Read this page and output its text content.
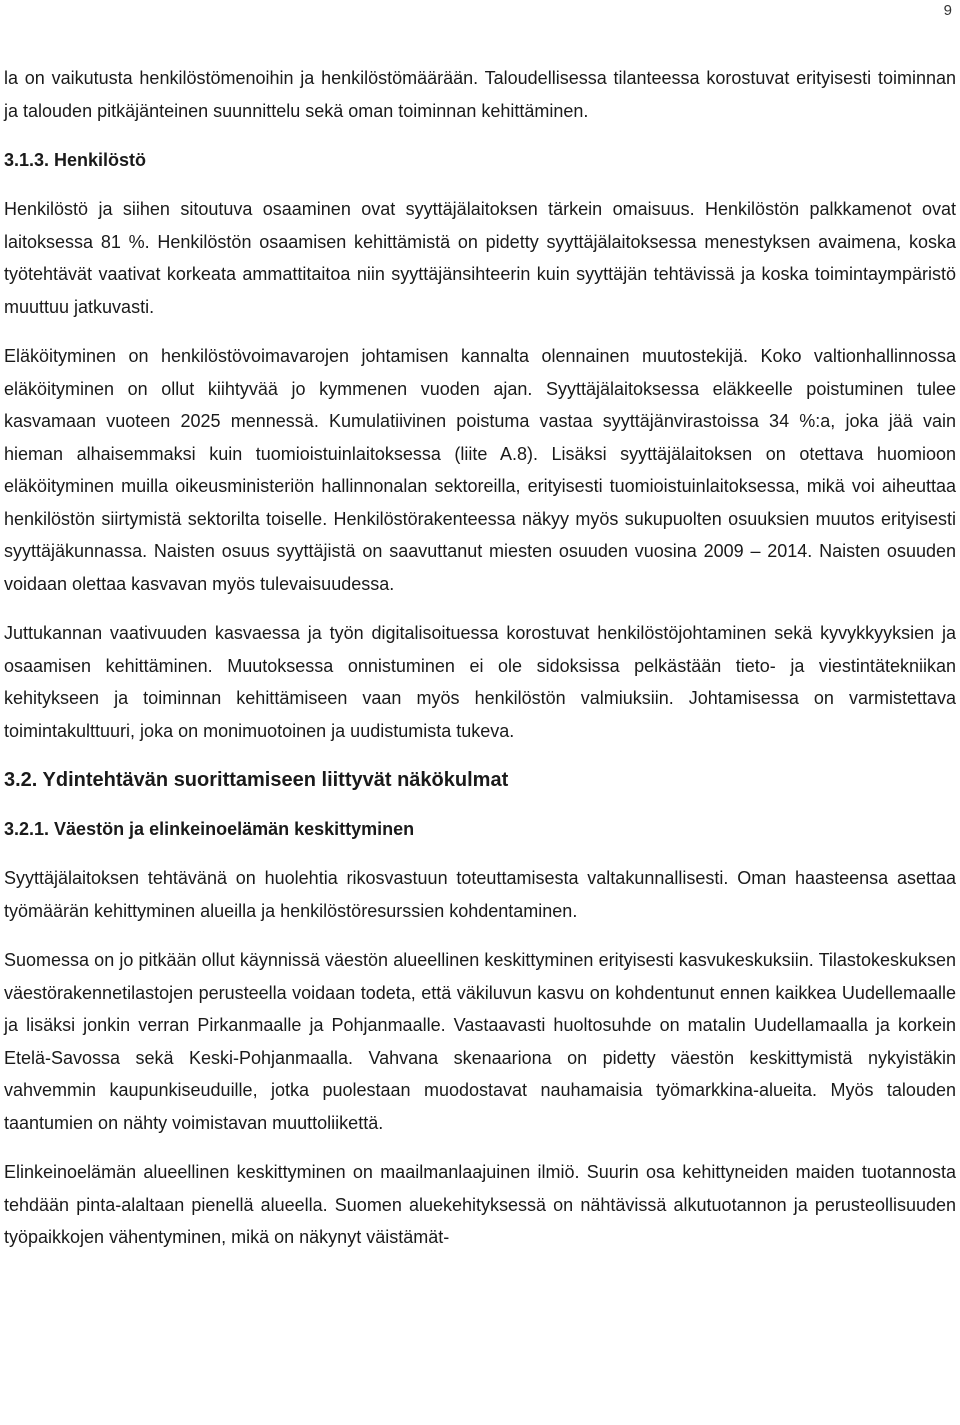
9

la on vaikutusta henkilöstömenoihin ja henkilöstömäärään. Taloudellisessa tilanteessa korostuvat erityisesti toiminnan ja talouden pitkäjänteinen suunnittelu sekä oman toiminnan kehittäminen.

3.1.3. Henkilöstö

Henkilöstö ja siihen sitoutuva osaaminen ovat syyttäjälaitoksen tärkein omaisuus. Henkilöstön palkkamenot ovat laitoksessa 81 %. Henkilöstön osaamisen kehittämistä on pidetty syyttäjälaitoksessa menestyksen avaimena, koska työtehtävät vaativat korkeata ammattitaitoa niin syyttäjänsihteerin kuin syyttäjän tehtävissä ja koska toimintaympäristö muuttuu jatkuvasti.

Eläköityminen on henkilöstövoimavarojen johtamisen kannalta olennainen muutostekijä. Koko valtionhallinnossa eläköityminen on ollut kiihtyvää jo kymmenen vuoden ajan. Syyttäjälaitoksessa eläkkeelle poistuminen tulee kasvamaan vuoteen 2025 mennessä. Kumulatiivinen poistuma vastaa syyttäjänvirastoissa 34 %:a, joka jää vain hieman alhaisemmaksi kuin tuomioistuinlaitoksessa (liite A.8). Lisäksi syyttäjälaitoksen on otettava huomioon eläköityminen muilla oikeusministeriön hallinnonalan sektoreilla, erityisesti tuomioistuinlaitoksessa, mikä voi aiheuttaa henkilöstön siirtymistä sektorilta toiselle. Henkilöstörakenteessa näkyy myös sukupuolten osuuksien muutos erityisesti syyttäjäkunnassa. Naisten osuus syyttäjistä on saavuttanut miesten osuuden vuosina 2009 – 2014. Naisten osuuden voidaan olettaa kasvavan myös tulevaisuudessa.

Juttukannan vaativuuden kasvaessa ja työn digitalisoituessa korostuvat henkilöstöjohtaminen sekä kyvykkyyksien ja osaamisen kehittäminen. Muutoksessa onnistuminen ei ole sidoksissa pelkästään tieto- ja viestintätekniikan kehitykseen ja toiminnan kehittämiseen vaan myös henkilöstön valmiuksiin. Johtamisessa on varmistettava toimintakulttuuri, joka on monimuotoinen ja uudistumista tukeva.

3.2. Ydintehtävän suorittamiseen liittyvät näkökulmat
3.2.1. Väestön ja elinkeinoelämän keskittyminen

Syyttäjälaitoksen tehtävänä on huolehtia rikosvastuun toteuttamisesta valtakunnallisesti. Oman haasteensa asettaa työmäärän kehittyminen alueilla ja henkilöstöresurssien kohdentaminen.

Suomessa on jo pitkään ollut käynnissä väestön alueellinen keskittyminen erityisesti kasvukeskuksiin. Tilastokeskuksen väestörakennetilastojen perusteella voidaan todeta, että väkiluvun kasvu on kohdentunut ennen kaikkea Uudellemaalle ja lisäksi jonkin verran Pirkanmaalle ja Pohjanmaalle. Vastaavasti huoltosuhde on matalin Uudellamaalla ja korkein Etelä-Savossa sekä Keski-Pohjanmaalla. Vahvana skenaariona on pidetty väestön keskittymistä nykyistäkin vahvemmin kaupunkiseuduille, jotka puolestaan muodostavat nauhamaisia työmarkkina-alueita. Myös talouden taantumien on nähty voimistavan muuttoliikettä.

Elinkeinoelämän alueellinen keskittyminen on maailmanlaajuinen ilmiö. Suurin osa kehittyneiden maiden tuotannosta tehdään pinta-alaltaan pienellä alueella. Suomen aluekehityksessä on nähtävissä alkutuotannon ja perusteollisuuden työpaikkojen vähentyminen, mikä on näkynyt väistämät-
